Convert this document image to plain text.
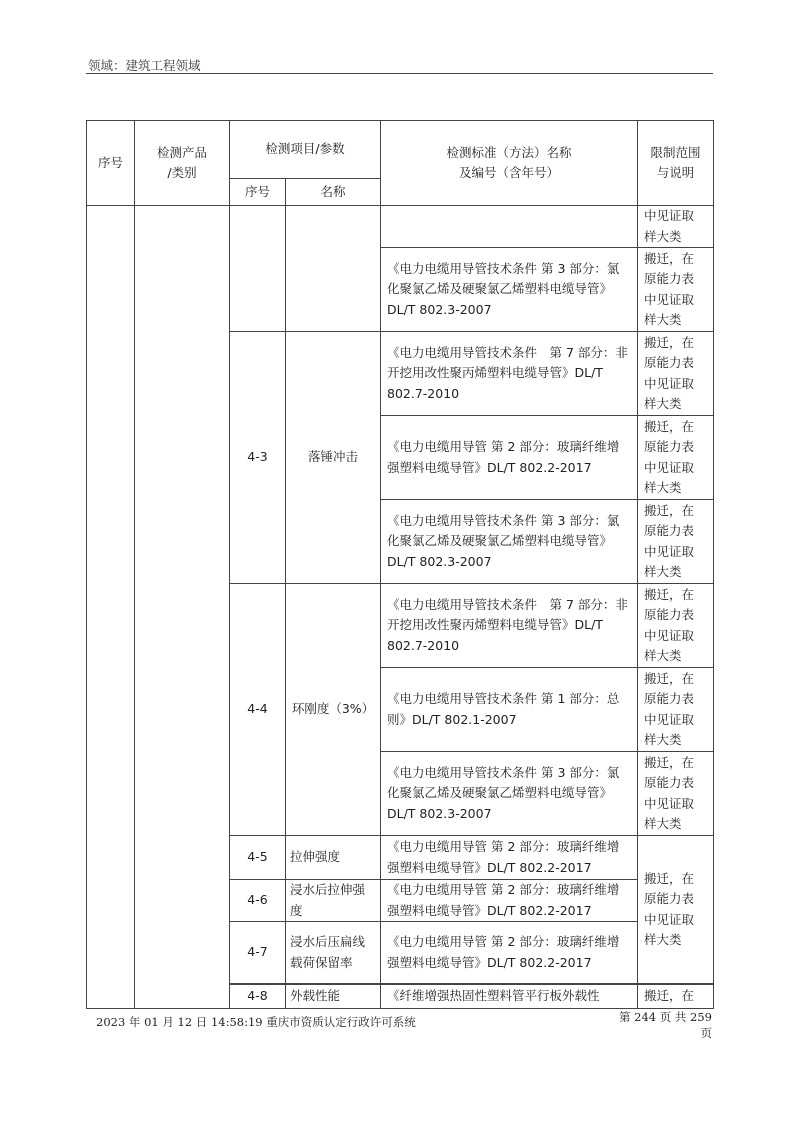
领域：建筑工程领域
序号	检测产品
/类别	检测项目/参数		检测标准（方法）名称
及编号（含年号）	限制范围
与说明
		序号	名称		
					中见证取
样大类
				《电力电缆用导管技术条件 第 3 部分：氯化聚氯乙烯及硬聚氯乙烯塑料电缆导管》DL/T 802.3-2007	搬迁，在
原能力表
中见证取
样大类
		4-3	落锤冲击	《电力电缆用导管技术条件　第 7 部分：非开挖用改性聚丙烯塑料电缆导管》DL/T 802.7-2010	搬迁，在
原能力表
中见证取
样大类
				《电力电缆用导管 第 2 部分：玻璃纤维增强塑料电缆导管》DL/T 802.2-2017	搬迁，在
原能力表
中见证取
样大类
				《电力电缆用导管技术条件 第 3 部分：氯化聚氯乙烯及硬聚氯乙烯塑料电缆导管》DL/T 802.3-2007	搬迁，在
原能力表
中见证取
样大类
		4-4	环刚度（3%）	《电力电缆用导管技术条件　第 7 部分：非开挖用改性聚丙烯塑料电缆导管》DL/T 802.7-2010	搬迁，在
原能力表
中见证取
样大类
				《电力电缆用导管技术条件 第 1 部分：总则》DL/T 802.1-2007	搬迁，在
原能力表
中见证取
样大类
				《电力电缆用导管技术条件 第 3 部分：氯化聚氯乙烯及硬聚氯乙烯塑料电缆导管》DL/T 802.3-2007	搬迁，在
原能力表
中见证取
样大类
		4-5	拉伸强度	《电力电缆用导管 第 2 部分：玻璃纤维增强塑料电缆导管》DL/T 802.2-2017	搬迁，在
原能力表
中见证取
样大类
		4-6	浸水后拉伸强度	《电力电缆用导管 第 2 部分：玻璃纤维增强塑料电缆导管》DL/T 802.2-2017	
		4-7	浸水后压扁线载荷保留率	《电力电缆用导管 第 2 部分：玻璃纤维增强塑料电缆导管》DL/T 802.2-2017	

		4-8	外载性能	《纤维增强热固性塑料管平行板外载性	搬迁，在
2023 年 01 月 12 日 14:58:19 重庆市资质认定行政许可系统	第 244 页 共 259
页
